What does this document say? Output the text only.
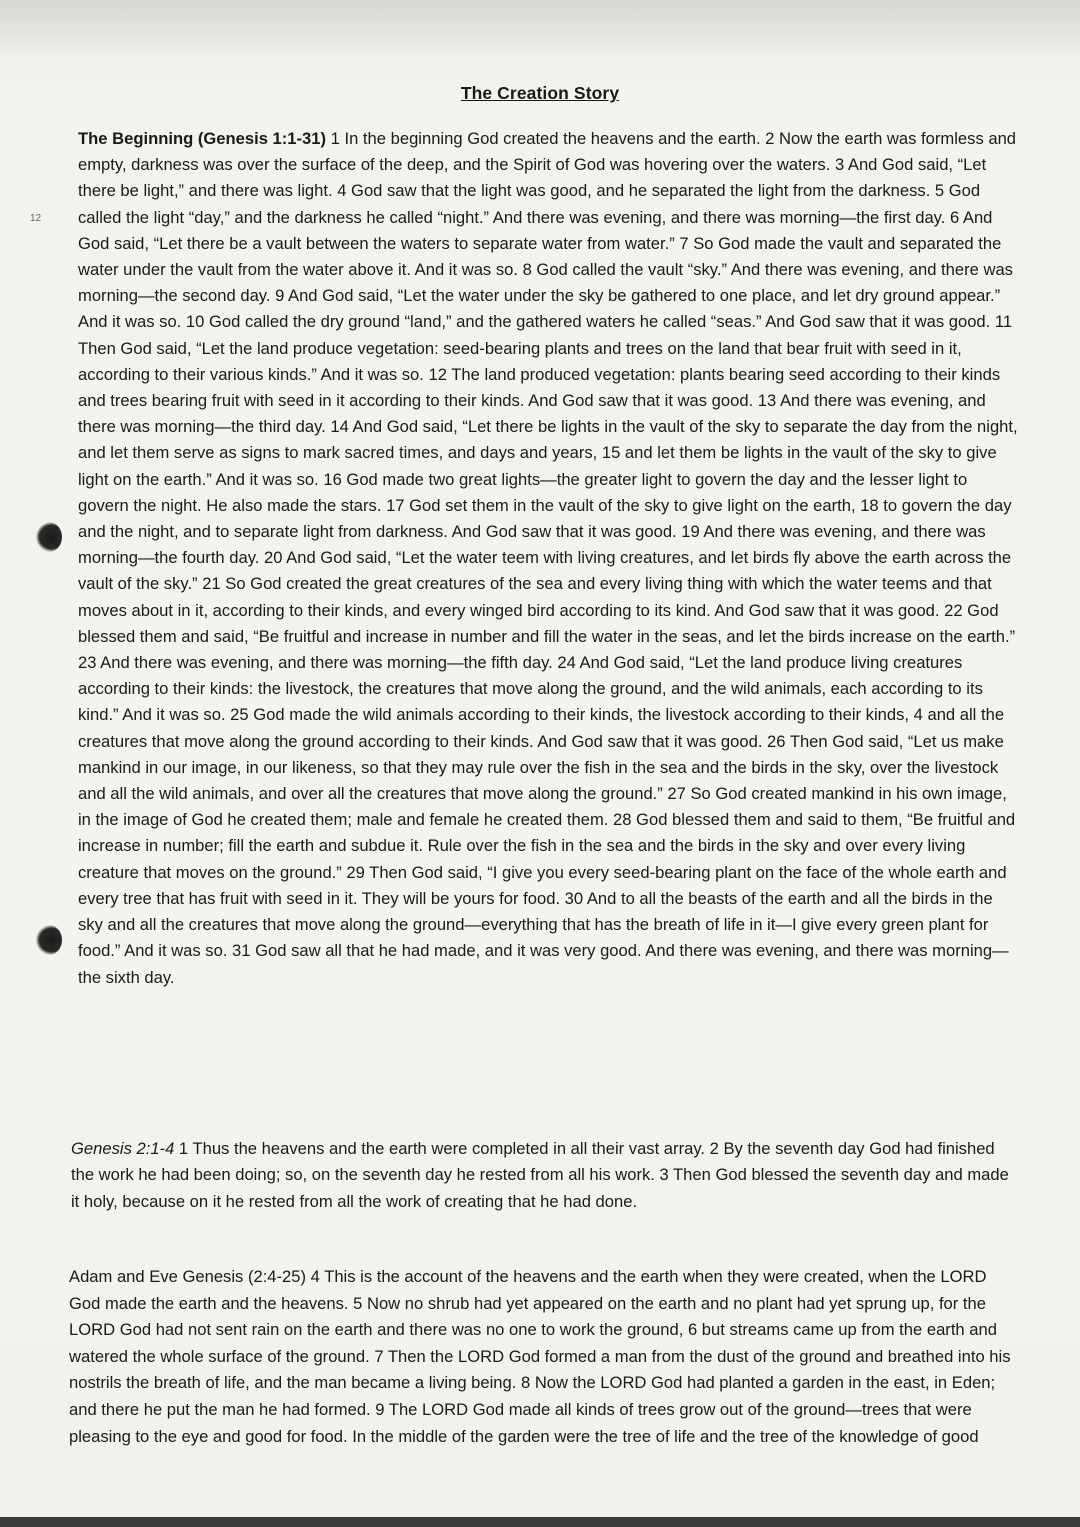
The Creation Story
12

The Beginning (Genesis 1:1-31) 1 In the beginning God created the heavens and the earth. 2 Now the earth was formless and empty, darkness was over the surface of the deep, and the Spirit of God was hovering over the waters. 3 And God said, “Let there be light,” and there was light. 4 God saw that the light was good, and he separated the light from the darkness. 5 God called the light “day,” and the darkness he called “night.” And there was evening, and there was morning—the first day. 6 And God said, “Let there be a vault between the waters to separate water from water.” 7 So God made the vault and separated the water under the vault from the water above it. And it was so. 8 God called the vault “sky.” And there was evening, and there was morning—the second day. 9 And God said, “Let the water under the sky be gathered to one place, and let dry ground appear.” And it was so. 10 God called the dry ground “land,” and the gathered waters he called “seas.” And God saw that it was good. 11 Then God said, “Let the land produce vegetation: seed-bearing plants and trees on the land that bear fruit with seed in it, according to their various kinds.” And it was so. 12 The land produced vegetation: plants bearing seed according to their kinds and trees bearing fruit with seed in it according to their kinds. And God saw that it was good. 13 And there was evening, and there was morning—the third day. 14 And God said, “Let there be lights in the vault of the sky to separate the day from the night, and let them serve as signs to mark sacred times, and days and years, 15 and let them be lights in the vault of the sky to give light on the earth.” And it was so. 16 God made two great lights—the greater light to govern the day and the lesser light to govern the night. He also made the stars. 17 God set them in the vault of the sky to give light on the earth, 18 to govern the day and the night, and to separate light from darkness. And God saw that it was good. 19 And there was evening, and there was morning—the fourth day. 20 And God said, “Let the water teem with living creatures, and let birds fly above the earth across the vault of the sky.” 21 So God created the great creatures of the sea and every living thing with which the water teems and that moves about in it, according to their kinds, and every winged bird according to its kind. And God saw that it was good. 22 God blessed them and said, “Be fruitful and increase in number and fill the water in the seas, and let the birds increase on the earth.” 23 And there was evening, and there was morning—the fifth day. 24 And God said, “Let the land produce living creatures according to their kinds: the livestock, the creatures that move along the ground, and the wild animals, each according to its kind.” And it was so. 25 God made the wild animals according to their kinds, the livestock according to their kinds, 4 and all the creatures that move along the ground according to their kinds. And God saw that it was good. 26 Then God said, “Let us make mankind in our image, in our likeness, so that they may rule over the fish in the sea and the birds in the sky, over the livestock and all the wild animals, and over all the creatures that move along the ground.” 27 So God created mankind in his own image, in the image of God he created them; male and female he created them. 28 God blessed them and said to them, “Be fruitful and increase in number; fill the earth and subdue it. Rule over the fish in the sea and the birds in the sky and over every living creature that moves on the ground.” 29 Then God said, “I give you every seed-bearing plant on the face of the whole earth and every tree that has fruit with seed in it. They will be yours for food. 30 And to all the beasts of the earth and all the birds in the sky and all the creatures that move along the ground—everything that has the breath of life in it—I give every green plant for food.” And it was so. 31 God saw all that he had made, and it was very good. And there was evening, and there was morning—the sixth day.

Genesis 2:1-4 1 Thus the heavens and the earth were completed in all their vast array. 2 By the seventh day God had finished the work he had been doing; so, on the seventh day he rested from all his work. 3 Then God blessed the seventh day and made it holy, because on it he rested from all the work of creating that he had done.

Adam and Eve Genesis (2:4-25) 4 This is the account of the heavens and the earth when they were created, when the LORD God made the earth and the heavens. 5 Now no shrub had yet appeared on the earth and no plant had yet sprung up, for the LORD God had not sent rain on the earth and there was no one to work the ground, 6 but streams came up from the earth and watered the whole surface of the ground. 7 Then the LORD God formed a man from the dust of the ground and breathed into his nostrils the breath of life, and the man became a living being. 8 Now the LORD God had planted a garden in the east, in Eden; and there he put the man he had formed. 9 The LORD God made all kinds of trees grow out of the ground—trees that were pleasing to the eye and good for food. In the middle of the garden were the tree of life and the tree of the knowledge of good
